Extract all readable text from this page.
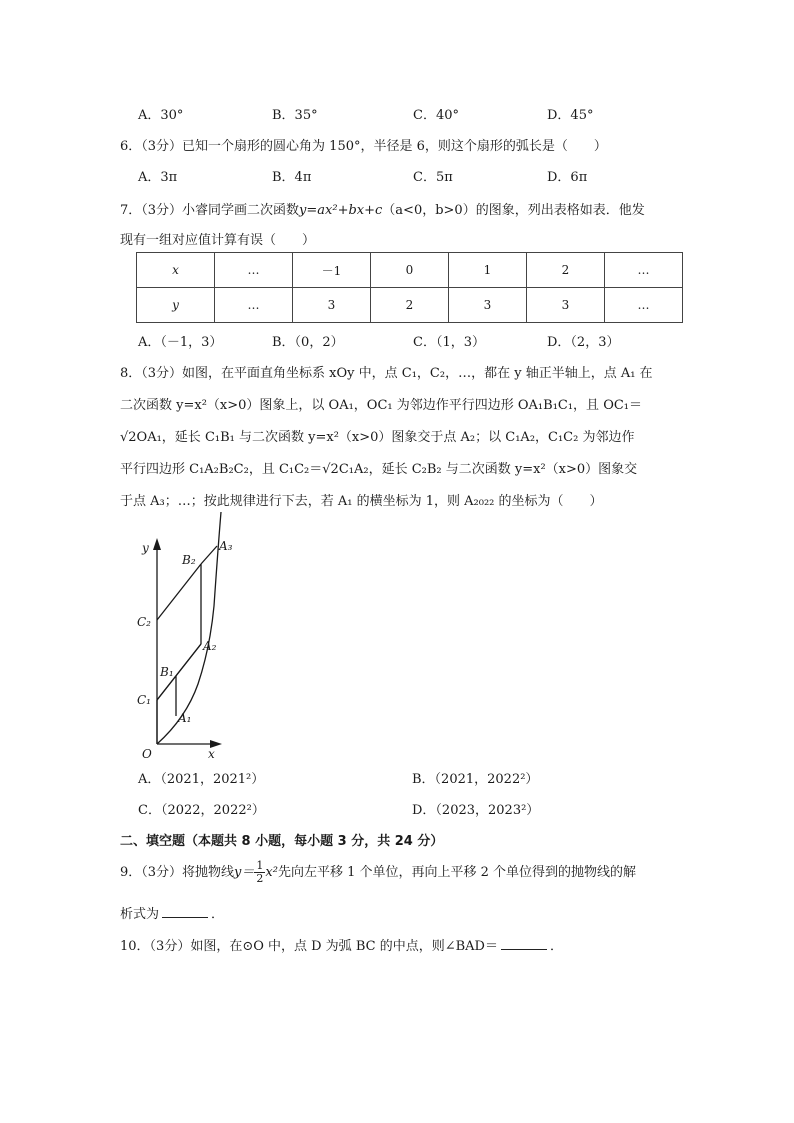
A．30°	B．35°	C．40°	D．45°
6．（3分）已知一个扇形的圆心角为 150°，半径是 6，则这个扇形的弧长是（　　）
A．3π	B．4π	C．5π	D．6π
7．（3分）小睿同学画二次函数y=ax²+bx+c（a<0，b>0）的图象，列出表格如表．他发
现有一组对应值计算有误（　　）
x	…	－1	0	1	2	…
y	…	3	2	3	3	…
A．（－1，3）	B．（0，2）	C．（1，3）	D．（2，3）
8．（3分）如图，在平面直角坐标系 xOy 中，点 C₁，C₂，…，都在 y 轴正半轴上，点 A₁ 在
二次函数 y=x²（x>0）图象上，以 OA₁，OC₁ 为邻边作平行四边形 OA₁B₁C₁，且 OC₁＝
√2OA₁，延长 C₁B₁ 与二次函数 y=x²（x>0）图象交于点 A₂；以 C₁A₂，C₁C₂ 为邻边作
平行四边形 C₁A₂B₂C₂，且 C₁C₂＝√2C₁A₂，延长 C₂B₂ 与二次函数 y=x²（x>0）图象交
于点 A₃；…；按此规律进行下去，若 A₁ 的横坐标为 1，则 A₂₀₂₂ 的坐标为（　　）
y
x
O
A₁
A₂
A₃
B₁
B₂
C₁
C₂
A．（2021，2021²）	B．（2021，2022²）
C．（2022，2022²）	D．（2023，2023²）
二、填空题（本题共 8 小题，每小题 3 分，共 24 分）
9．（3分）将抛物线$y= \frac{1}{2} x^2$先向左平移 1 个单位，再向上平移 2 个单位得到的抛物线的解
析式为	．
10．（3分）如图，在⊙O 中，点 D 为弧 BC 的中点，则∠BAD＝	．
